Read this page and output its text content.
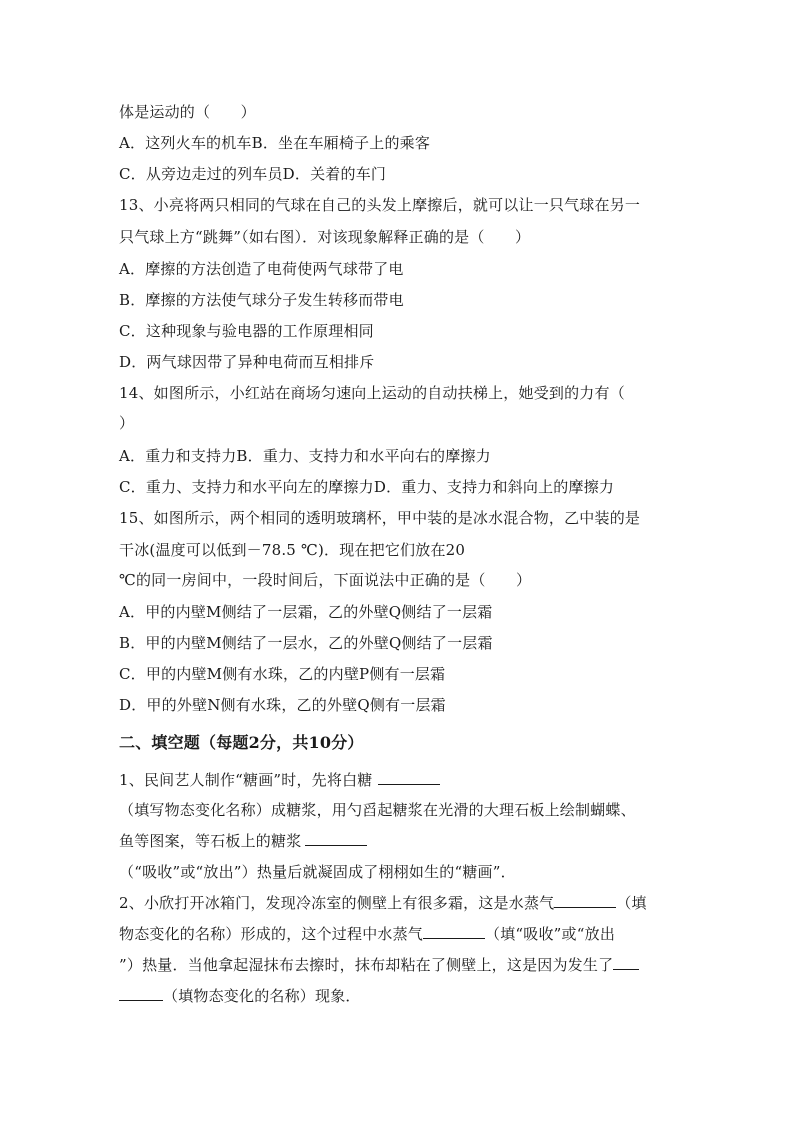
体是运动的（　　）
A．这列火车的机车B．坐在车厢椅子上的乘客
C．从旁边走过的列车员D．关着的车门
13、小亮将两只相同的气球在自己的头发上摩擦后，就可以让一只气球在另一
只气球上方“跳舞”（如右图）．对该现象解释正确的是（　　）
A．摩擦的方法创造了电荷使两气球带了电
B．摩擦的方法使气球分子发生转移而带电
C．这种现象与验电器的工作原理相同
D．两气球因带了异种电荷而互相排斥
14、如图所示，小红站在商场匀速向上运动的自动扶梯上，她受到的力有（
）
A．重力和支持力B．重力、支持力和水平向右的摩擦力
C．重力、支持力和水平向左的摩擦力D．重力、支持力和斜向上的摩擦力
15、如图所示，两个相同的透明玻璃杯，甲中装的是冰水混合物，乙中装的是
干冰(温度可以低到－78.5 ℃)．现在把它们放在20
℃的同一房间中，一段时间后，下面说法中正确的是（　　）
A．甲的内壁M侧结了一层霜，乙的外壁Q侧结了一层霜
B．甲的内壁M侧结了一层水，乙的外壁Q侧结了一层霜
C．甲的内壁M侧有水珠，乙的内壁P侧有一层霜
D．甲的外壁N侧有水珠，乙的外壁Q侧有一层霜
二、填空题（每题2分，共10分）
1、民间艺人制作“糖画”时，先将白糖
（填写物态变化名称）成糖浆，用勺舀起糖浆在光滑的大理石板上绘制蝴蝶、
鱼等图案，等石板上的糖浆
（“吸收”或“放出”）热量后就凝固成了栩栩如生的“糖画”．
2、小欣打开冰箱门，发现冷冻室的侧壁上有很多霜，这是水蒸气	（填
物态变化的名称）形成的，这个过程中水蒸气	（填“吸收”或“放出
”）热量．当他拿起湿抹布去擦时，抹布却粘在了侧壁上，这是因为发生了
（填物态变化的名称）现象．
